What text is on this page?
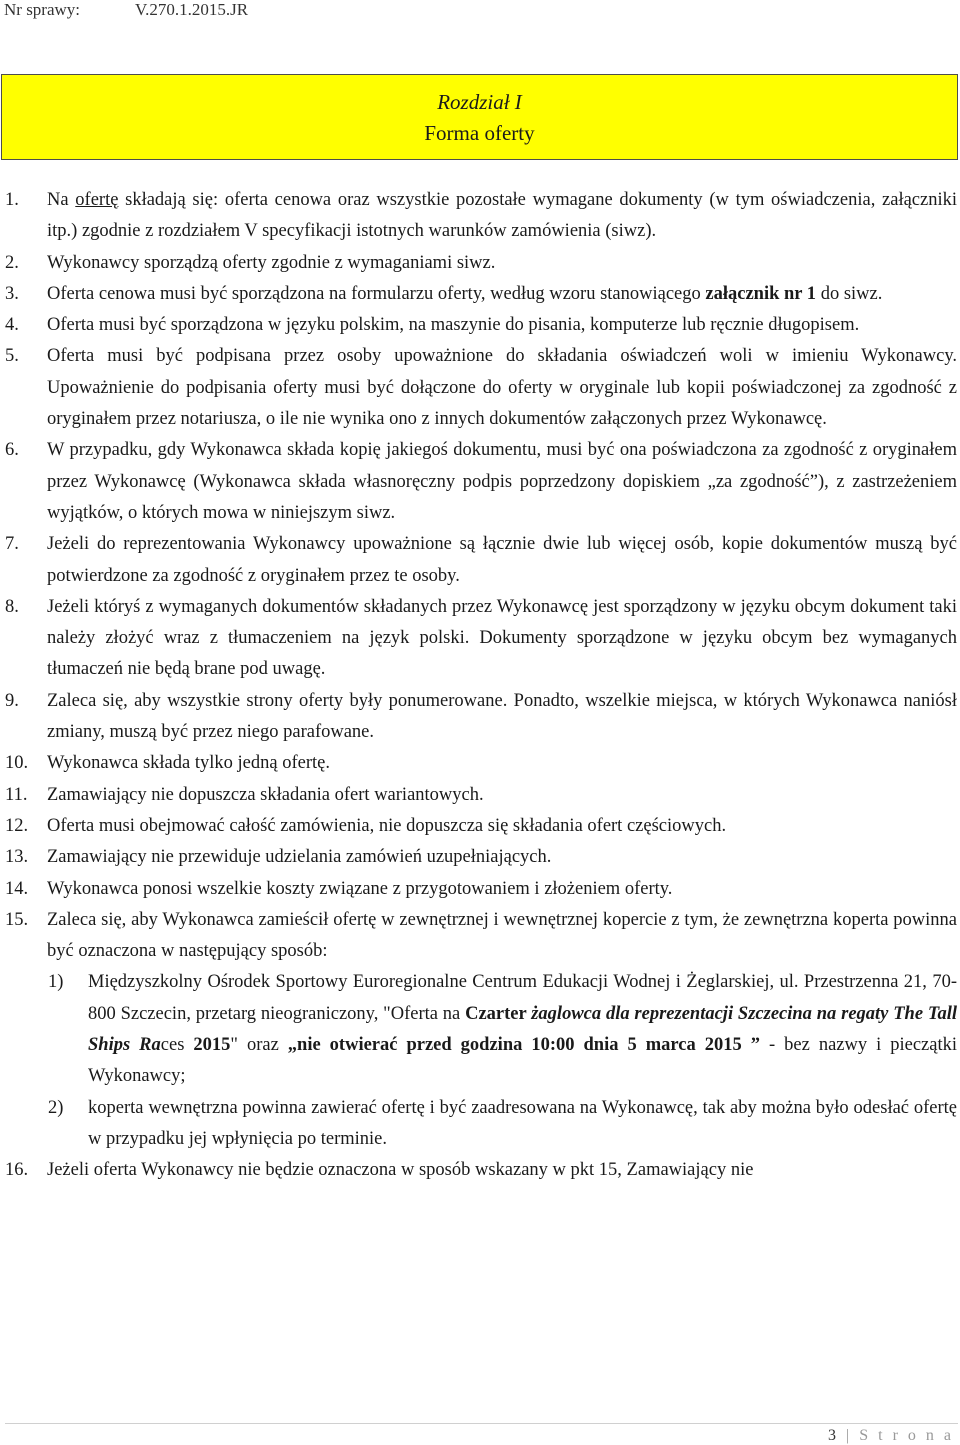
Nr sprawy:	V.270.1.2015.JR
Rozdział I
Forma oferty
1. Na ofertę składają się: oferta cenowa oraz wszystkie pozostałe wymagane dokumenty (w tym oświadczenia, załączniki itp.) zgodnie z rozdziałem V specyfikacji istotnych warunków zamówienia (siwz).
2. Wykonawcy sporządzą oferty zgodnie z wymaganiami siwz.
3. Oferta cenowa musi być sporządzona na formularzu oferty, według wzoru stanowiącego załącznik nr 1 do siwz.
4. Oferta musi być sporządzona w języku polskim, na maszynie do pisania, komputerze lub ręcznie długopisem.
5. Oferta musi być podpisana przez osoby upoważnione do składania oświadczeń woli w imieniu Wykonawcy. Upoważnienie do podpisania oferty musi być dołączone do oferty w oryginale lub kopii poświadczonej za zgodność z oryginałem przez notariusza, o ile nie wynika ono z innych dokumentów załączonych przez Wykonawcę.
6. W przypadku, gdy Wykonawca składa kopię jakiegoś dokumentu, musi być ona poświadczona za zgodność z oryginałem przez Wykonawcę (Wykonawca składa własnoręczny podpis poprzedzony dopiskiem „za zgodność”), z zastrzeżeniem wyjątków, o których mowa w niniejszym siwz.
7. Jeżeli do reprezentowania Wykonawcy upoważnione są łącznie dwie lub więcej osób, kopie dokumentów muszą być potwierdzone za zgodność z oryginałem przez te osoby.
8. Jeżeli któryś z wymaganych dokumentów składanych przez Wykonawcę jest sporządzony w języku obcym dokument taki należy złożyć wraz z tłumaczeniem na język polski. Dokumenty sporządzone w języku obcym bez wymaganych tłumaczeń nie będą brane pod uwagę.
9. Zaleca się, aby wszystkie strony oferty były ponumerowane. Ponadto, wszelkie miejsca, w których Wykonawca naniósł zmiany, muszą być przez niego parafowane.
10. Wykonawca składa tylko jedną ofertę.
11. Zamawiający nie dopuszcza składania ofert wariantowych.
12. Oferta musi obejmować całość zamówienia, nie dopuszcza się składania ofert częściowych.
13. Zamawiający nie przewiduje udzielania zamówień uzupełniających.
14. Wykonawca ponosi wszelkie koszty związane z przygotowaniem i złożeniem oferty.
15. Zaleca się, aby Wykonawca zamieścił ofertę w zewnętrznej i wewnętrznej kopercie z tym, że zewnętrzna koperta powinna być oznaczona w następujący sposób:
1) Międzyszkolny Ośrodek Sportowy Euroregionalne Centrum Edukacji Wodnej i Żeglarskiej, ul. Przestrzenna 21, 70-800 Szczecin, przetarg nieograniczony, "Oferta na Czarter żaglowca dla reprezentacji Szczecina na regaty The Tall Ships Races 2015" oraz „nie otwierać przed godzina 10:00 dnia 5 marca 2015 ” - bez nazwy i pieczątki Wykonawcy;
2) koperta wewnętrzna powinna zawierać ofertę i być zaadresowana na Wykonawcę, tak aby można było odesłać ofertę w przypadku jej wpłynięcia po terminie.
16. Jeżeli oferta Wykonawcy nie będzie oznaczona w sposób wskazany w pkt 15, Zamawiający nie
3 | S t r o n a
